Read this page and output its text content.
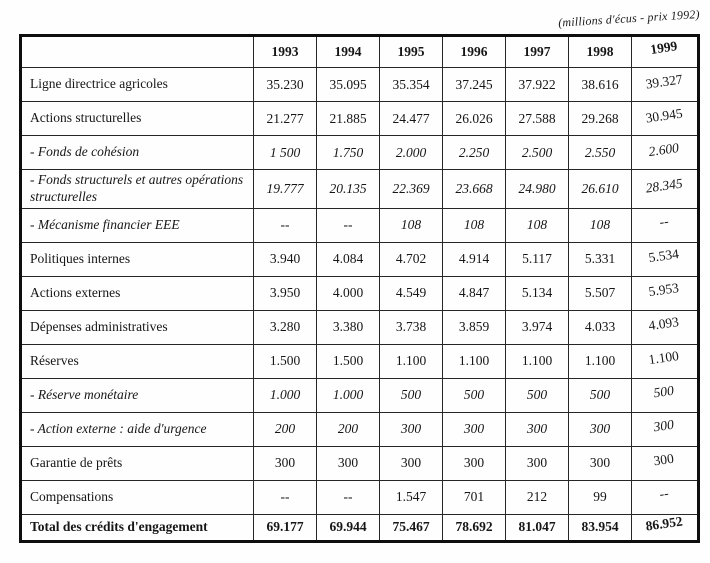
(millions d'écus - prix 1992)
	1993	1994	1995	1996	1997	1998	1999
Ligne directrice agricoles	35.230	35.095	35.354	37.245	37.922	38.616	39.327
Actions structurelles	21.277	21.885	24.477	26.026	27.588	29.268	30.945
- Fonds de cohésion	1 500	1.750	2.000	2.250	2.500	2.550	2.600
- Fonds structurels et autres opérations structurelles	19.777	20.135	22.369	23.668	24.980	26.610	28.345
- Mécanisme financier EEE	--	--	108	108	108	108	--
Politiques internes	3.940	4.084	4.702	4.914	5.117	5.331	5.534
Actions externes	3.950	4.000	4.549	4.847	5.134	5.507	5.953
Dépenses administratives	3.280	3.380	3.738	3.859	3.974	4.033	4.093
Réserves	1.500	1.500	1.100	1.100	1.100	1.100	1.100
- Réserve monétaire	1.000	1.000	500	500	500	500	500
- Action externe : aide d'urgence	200	200	300	300	300	300	300
Garantie de prêts	300	300	300	300	300	300	300
Compensations	--	--	1.547	701	212	99	--
Total des crédits d'engagement	69.177	69.944	75.467	78.692	81.047	83.954	86.952
